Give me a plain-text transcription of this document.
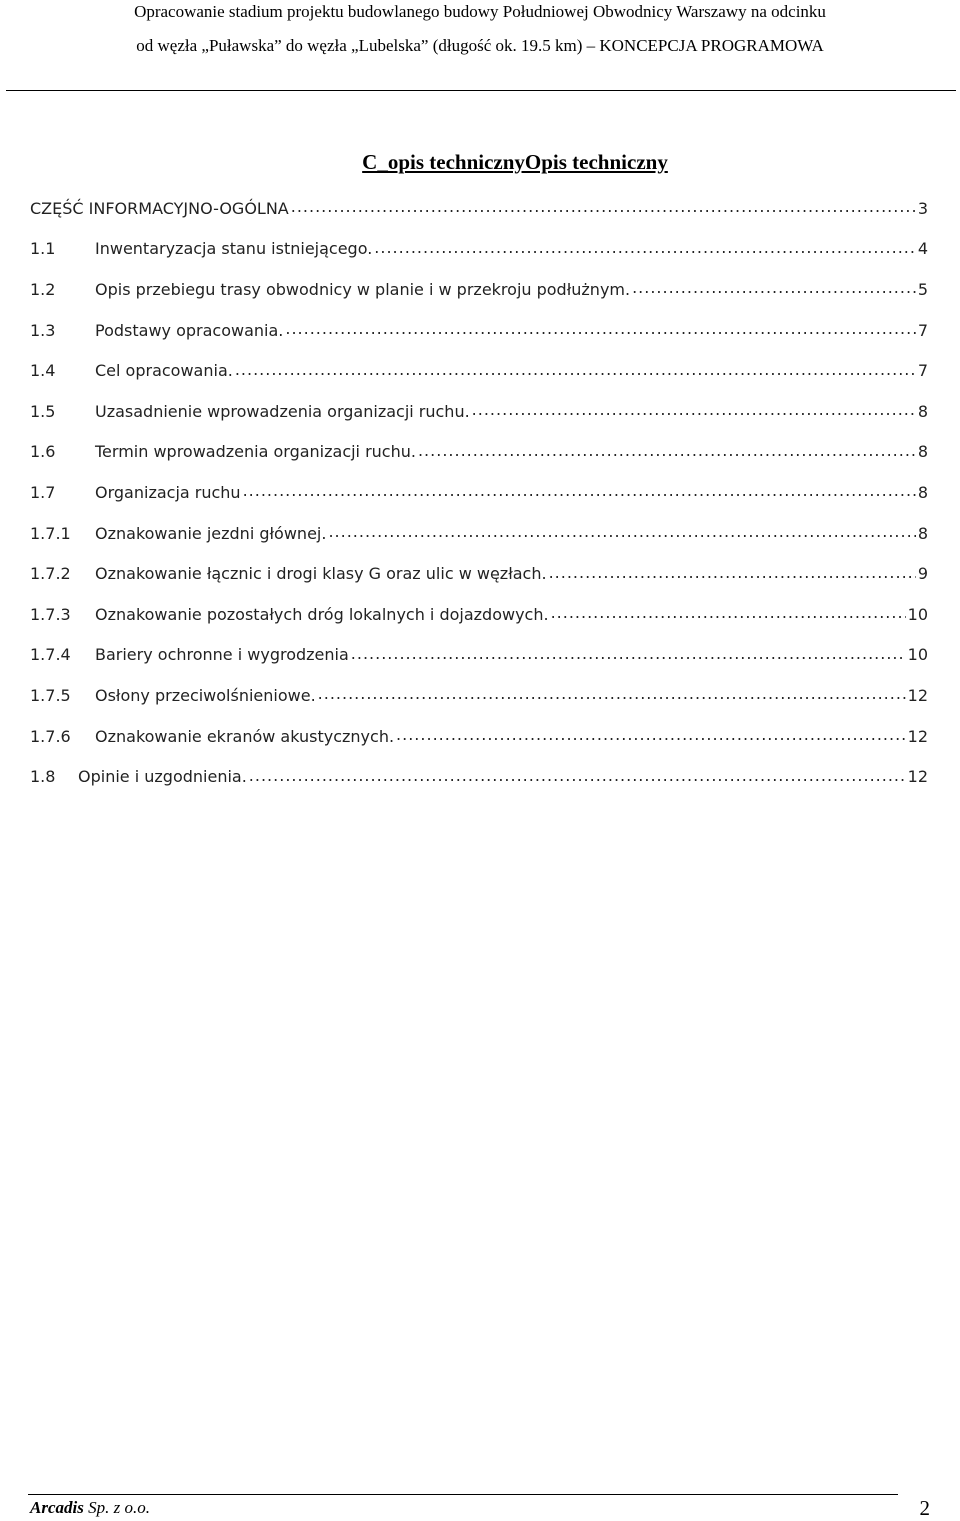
Opracowanie stadium projektu budowlanego budowy Południowej Obwodnicy Warszawy na odcinku
od węzła „Puławska” do węzła „Lubelska” (długość ok. 19.5 km) – KONCEPCJA PROGRAMOWA
C_opis technicznyOpis techniczny
CZĘŚĆ INFORMACYJNO-OGÓLNA .....	3
1.1	Inwentaryzacja stanu istniejącego. .....	4
1.2	Opis przebiegu trasy obwodnicy w planie i w przekroju podłużnym. .....	5
1.3	Podstawy opracowania. .....	7
1.4	Cel opracowania. .....	7
1.5	Uzasadnienie wprowadzenia organizacji ruchu. .....	8
1.6	Termin wprowadzenia organizacji ruchu. .....	8
1.7	Organizacja ruchu .....	8
1.7.1	Oznakowanie jezdni głównej. .....	8
1.7.2	Oznakowanie łącznic i drogi klasy G oraz ulic w węzłach. .....	9
1.7.3	Oznakowanie pozostałych dróg lokalnych i dojazdowych. .....	10
1.7.4	Bariery ochronne i wygrodzenia .....	10
1.7.5	Osłony przeciwolśnieniowe. .....	12
1.7.6	Oznakowanie ekranów akustycznych. .....	12
1.8	Opinie i uzgodnienia. .....	12
Arcadis Sp. z o.o.	2
